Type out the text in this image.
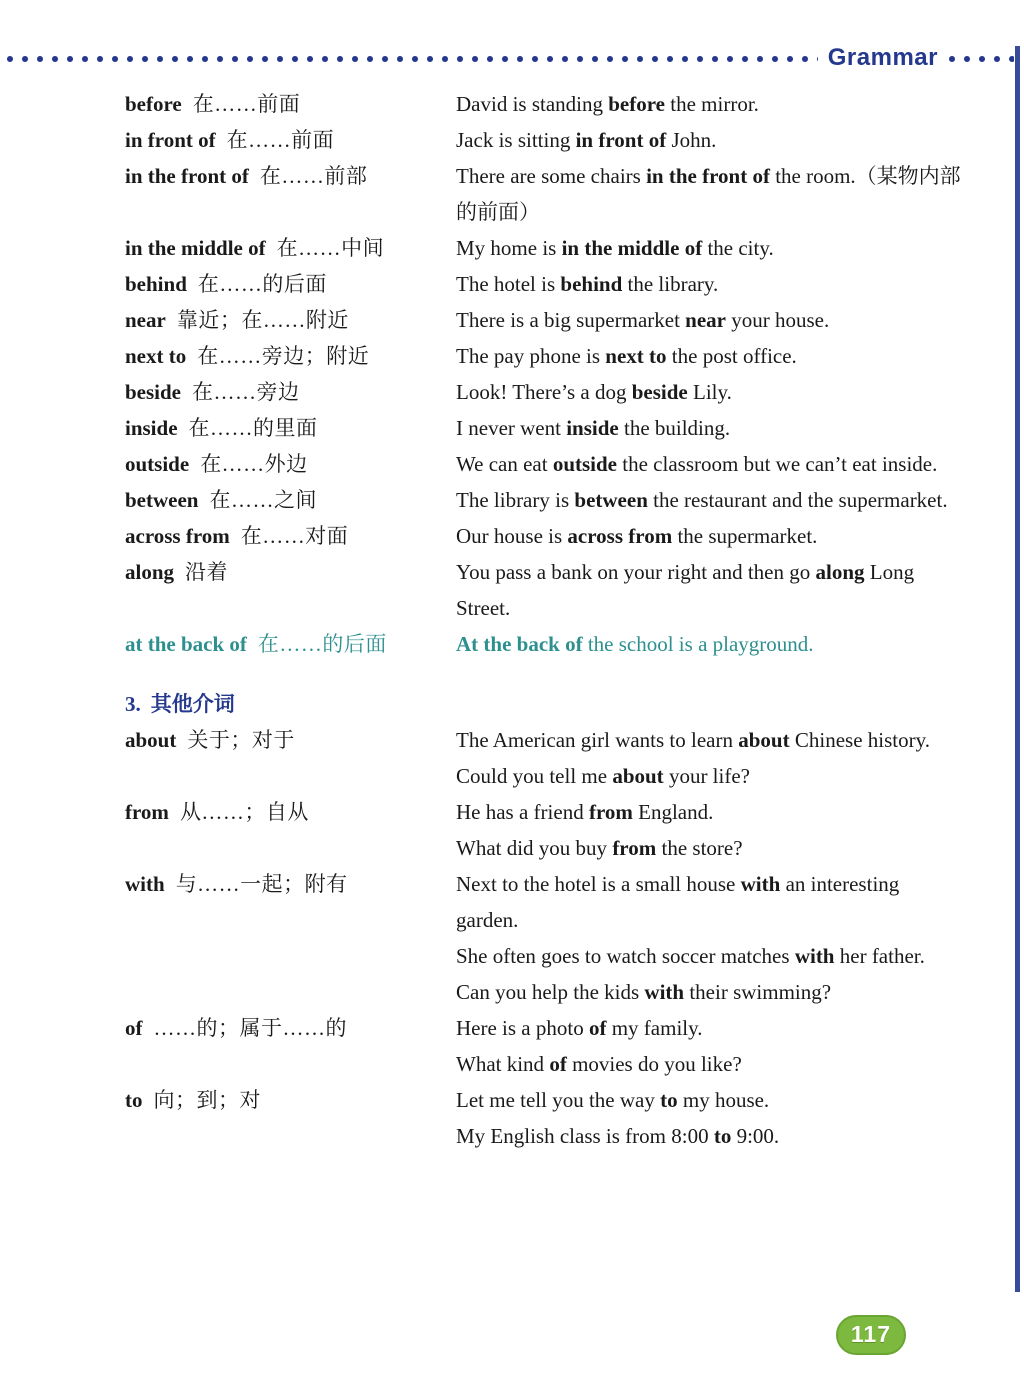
Grammar
before 在……前面	David is standing before the mirror.
in front of 在……前面	Jack is sitting in front of John.
in the front of 在……前部	There are some chairs in the front of the room.（某物内部的前面）
in the middle of 在……中间	My home is in the middle of the city.
behind 在……的后面	The hotel is behind the library.
near 靠近；在……附近	There is a big supermarket near your house.
next to 在……旁边；附近	The pay phone is next to the post office.
beside 在……旁边	Look! There’s a dog beside Lily.
inside 在……的里面	I never went inside the building.
outside 在……外边	We can eat outside the classroom but we can’t eat inside.
between 在……之间	The library is between the restaurant and the supermarket.
across from 在……对面	Our house is across from the supermarket.
along 沿着	You pass a bank on your right and then go along Long Street.
at the back of 在……的后面	At the back of the school is a playground.
3. 其他介词
about 关于；对于	The American girl wants to learn about Chinese history.
Could you tell me about your life?
from 从……；自从	He has a friend from England.
What did you buy from the store?
with 与……一起；附有	Next to the hotel is a small house with an interesting garden.
She often goes to watch soccer matches with her father.
Can you help the kids with their swimming?
of ……的；属于……的	Here is a photo of my family.
What kind of movies do you like?
to 向；到；对	Let me tell you the way to my house.
My English class is from 8:00 to 9:00.
117
